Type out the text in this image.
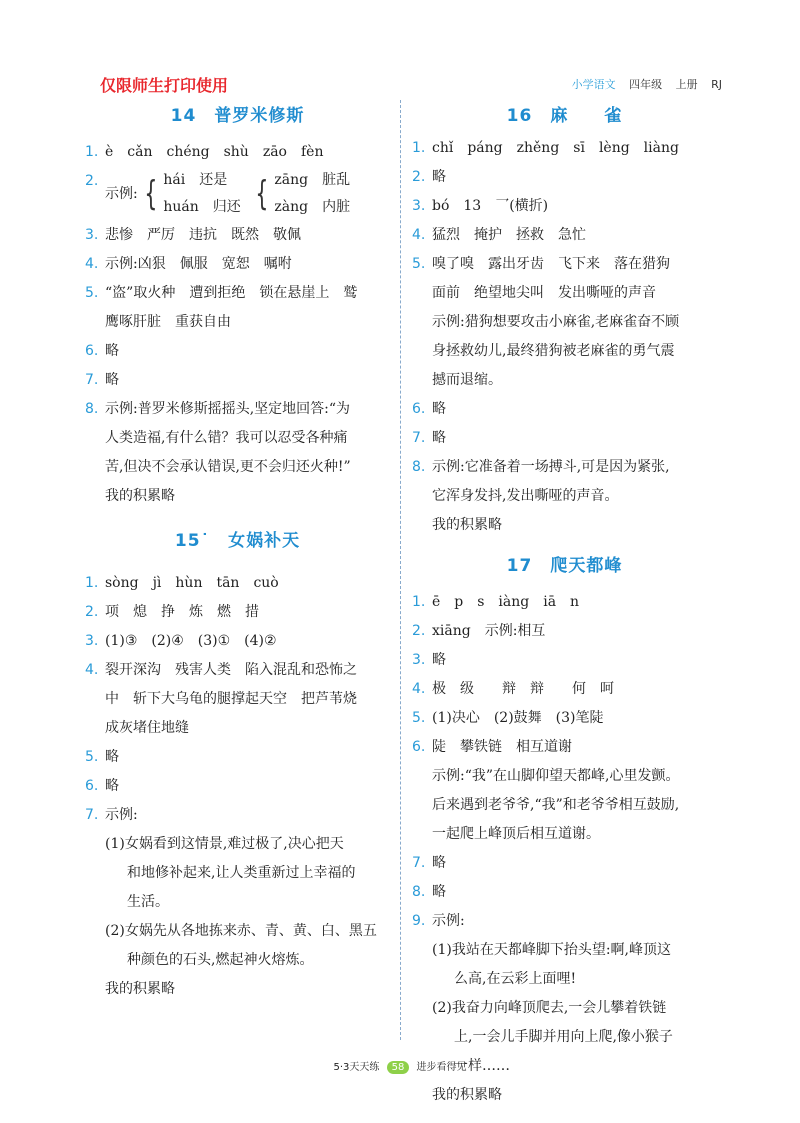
仅限师生打印使用	小学语文 四年级 上册 RJ
14　普罗米修斯
1. è　cǎn　chéng　shù　zāo　fèn
2.
示例: { hái　还是
huán　归还 { zāng　脏乱
zàng　内脏
3. 悲惨　严厉　违抗　既然　敬佩
4. 示例:凶狠　佩服　宽恕　嘱咐
5. “盗”取火种　遭到拒绝　锁在悬崖上　鹫
鹰啄肝脏　重获自由
6. 略
7. 略
8. 示例:普罗米修斯摇摇头,坚定地回答:“为
人类造福,有什么错？我可以忍受各种痛
苦,但决不会承认错误,更不会归还火种!”
我的积累略
15˙　女娲补天
1. sòng　jì　hùn　tān　cuò
2. 项　熄　挣　炼　燃　措
3. (1)③　(2)④　(3)①　(4)②
4. 裂开深沟　残害人类　陷入混乱和恐怖之
中　斩下大乌龟的腿撑起天空　把芦苇烧
成灰堵住地缝
5. 略
6. 略
7. 示例:
(1)女娲看到这情景,难过极了,决心把天
和地修补起来,让人类重新过上幸福的
生活。
(2)女娲先从各地拣来赤、青、黄、白、黑五
种颜色的石头,燃起神火熔炼。
我的积累略
16　麻　　雀
1. chǐ　páng　zhěng　sī　lèng　liàng
2. 略
3. bó　13　乛(横折)
4. 猛烈　掩护　拯救　急忙
5. 嗅了嗅　露出牙齿　飞下来　落在猎狗
面前　绝望地尖叫　发出嘶哑的声音
示例:猎狗想要攻击小麻雀,老麻雀奋不顾
身拯救幼儿,最终猎狗被老麻雀的勇气震
撼而退缩。
6. 略
7. 略
8. 示例:它准备着一场搏斗,可是因为紧张,
它浑身发抖,发出嘶哑的声音。
我的积累略
17　爬天都峰
1. ē　p　s　iàng　iā　n
2. xiāng　示例:相互
3. 略
4. 极　级　　辩　辩　　何　呵
5. (1)决心　(2)鼓舞　(3)笔陡
6. 陡　攀铁链　相互道谢
示例:“我”在山脚仰望天都峰,心里发颤。
后来遇到老爷爷,“我”和老爷爷相互鼓励,
一起爬上峰顶后相互道谢。
7. 略
8. 略
9. 示例:
(1)我站在天都峰脚下抬头望:啊,峰顶这
么高,在云彩上面哩!
(2)我奋力向峰顶爬去,一会儿攀着铁链
上,一会儿手脚并用向上爬,像小猴子
一样……
我的积累略
5·3天天练 58 进步看得见
